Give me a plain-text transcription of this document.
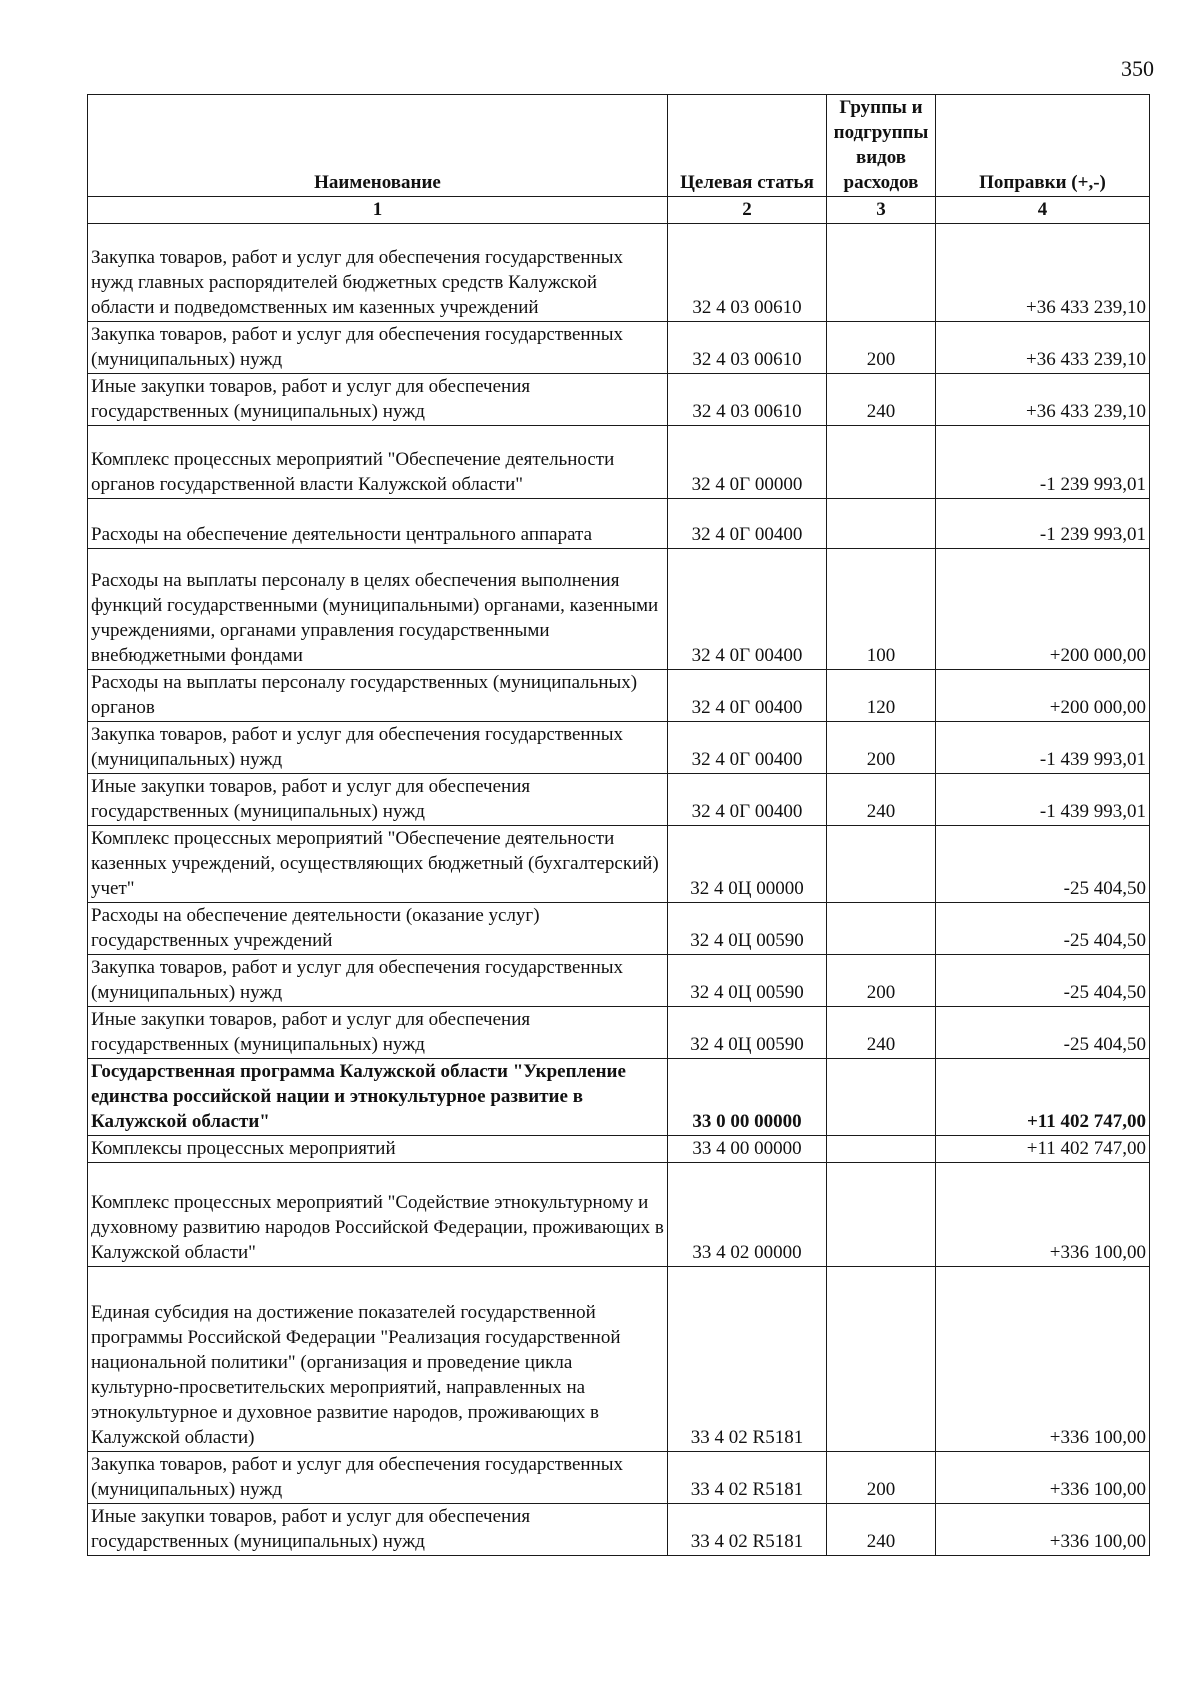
350
Наименование	Целевая статья	Группы и подгруппы видов расходов	Поправки (+,-)
1	2	3	4
Закупка товаров, работ и услуг для обеспечения государственных нужд главных распорядителей бюджетных средств Калужской области и подведомственных им казенных учреждений	32 4 03 00610		+36 433 239,10
Закупка товаров, работ и услуг для обеспечения государственных (муниципальных) нужд	32 4 03 00610	200	+36 433 239,10
Иные закупки товаров, работ и услуг для обеспечения государственных (муниципальных) нужд	32 4 03 00610	240	+36 433 239,10
Комплекс процессных мероприятий "Обеспечение деятельности органов государственной власти Калужской области"	32 4 0Г 00000		-1 239 993,01
Расходы на обеспечение деятельности центрального аппарата	32 4 0Г 00400		-1 239 993,01
Расходы на выплаты персоналу в целях обеспечения выполнения функций государственными (муниципальными) органами, казенными учреждениями, органами управления государственными внебюджетными фондами	32 4 0Г 00400	100	+200 000,00
Расходы на выплаты персоналу государственных (муниципальных) органов	32 4 0Г 00400	120	+200 000,00
Закупка товаров, работ и услуг для обеспечения государственных (муниципальных) нужд	32 4 0Г 00400	200	-1 439 993,01
Иные закупки товаров, работ и услуг для обеспечения государственных (муниципальных) нужд	32 4 0Г 00400	240	-1 439 993,01
Комплекс процессных мероприятий "Обеспечение деятельности казенных учреждений, осуществляющих бюджетный (бухгалтерский) учет"	32 4 0Ц 00000		-25 404,50
Расходы на обеспечение деятельности (оказание услуг) государственных учреждений	32 4 0Ц 00590		-25 404,50
Закупка товаров, работ и услуг для обеспечения государственных (муниципальных) нужд	32 4 0Ц 00590	200	-25 404,50
Иные закупки товаров, работ и услуг для обеспечения государственных (муниципальных) нужд	32 4 0Ц 00590	240	-25 404,50
Государственная программа Калужской области "Укрепление единства российской нации и этнокультурное развитие в Калужской области"	33 0 00 00000		+11 402 747,00
Комплексы процессных мероприятий	33 4 00 00000		+11 402 747,00
Комплекс процессных мероприятий "Содействие этнокультурному и духовному развитию народов Российской Федерации, проживающих в Калужской области"	33 4 02 00000		+336 100,00
Единая субсидия на достижение показателей государственной программы Российской Федерации "Реализация государственной национальной политики" (организация и проведение цикла культурно-просветительских мероприятий, направленных на этнокультурное и духовное развитие народов, проживающих в Калужской области)	33 4 02 R5181		+336 100,00
Закупка товаров, работ и услуг для обеспечения государственных (муниципальных) нужд	33 4 02 R5181	200	+336 100,00
Иные закупки товаров, работ и услуг для обеспечения государственных (муниципальных) нужд	33 4 02 R5181	240	+336 100,00
